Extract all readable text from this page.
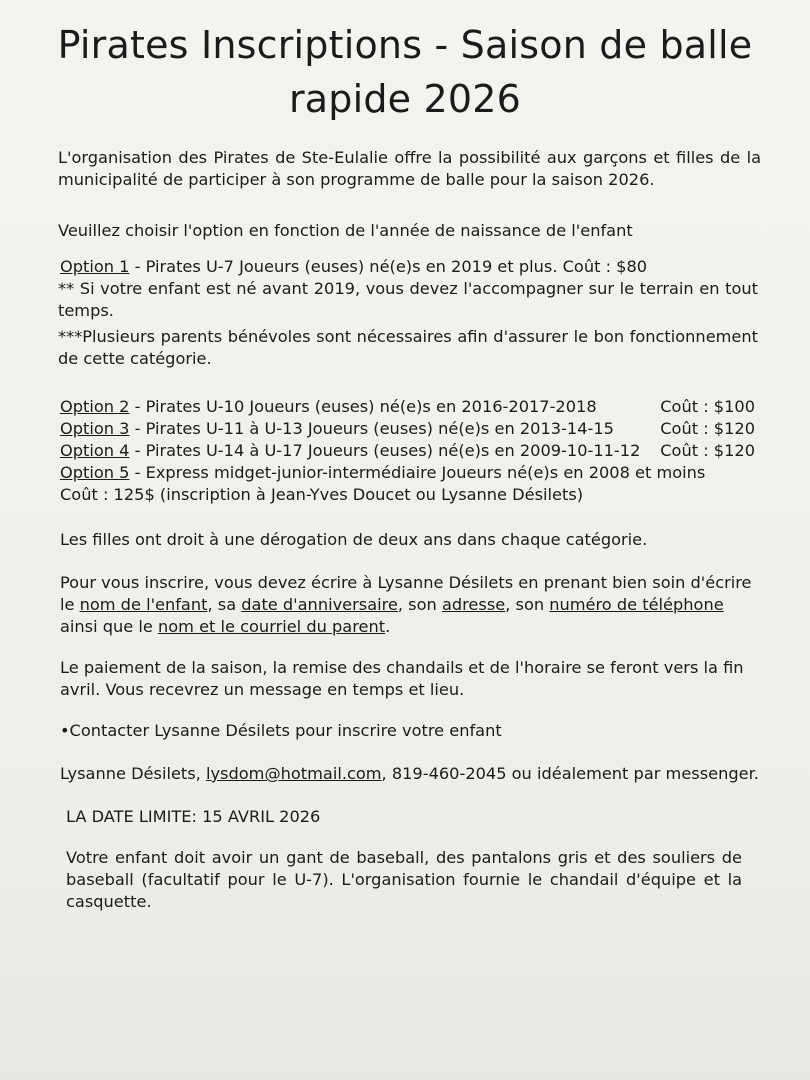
Pirates Inscriptions - Saison de balle rapide 2026

L'organisation des Pirates de Ste-Eulalie offre la possibilité aux garçons et filles de la municipalité de participer à son programme de balle pour la saison 2026.

Veuillez choisir l'option en fonction de l'année de naissance de l'enfant

Option 1 - Pirates U-7 Joueurs (euses) né(e)s en 2019 et plus. Coût : $80

** Si votre enfant est né avant 2019, vous devez l'accompagner sur le terrain en tout temps.

***Plusieurs parents bénévoles sont nécessaires afin d'assurer le bon fonctionnement de cette catégorie.

Option 2 - Pirates U-10 Joueurs (euses) né(e)s en 2016-2017-2018	Coût : $100
Option 3 - Pirates U-11 à U-13 Joueurs (euses) né(e)s en 2013-14-15	Coût : $120
Option 4 - Pirates U-14 à U-17 Joueurs (euses) né(e)s en 2009-10-11-12 Coût : $120
Option 5 - Express midget-junior-intermédiaire Joueurs né(e)s en 2008 et moins
Coût : 125$ (inscription à Jean-Yves Doucet ou Lysanne Désilets)

Les filles ont droit à une dérogation de deux ans dans chaque catégorie.

Pour vous inscrire, vous devez écrire à Lysanne Désilets en prenant bien soin d'écrire
le nom de l'enfant, sa date d'anniversaire, son adresse, son numéro de téléphone
ainsi que le nom et le courriel du parent.

Le paiement de la saison, la remise des chandails et de l'horaire se feront vers la fin avril. Vous recevrez un message en temps et lieu.

•Contacter Lysanne Désilets pour inscrire votre enfant
Lysanne Désilets, lysdom@hotmail.com, 819-460-2045 ou idéalement par messenger.
LA DATE LIMITE: 15 AVRIL 2026

Votre enfant doit avoir un gant de baseball, des pantalons gris et des souliers de baseball (facultatif pour le U-7). L'organisation fournie le chandail d'équipe et la casquette.
